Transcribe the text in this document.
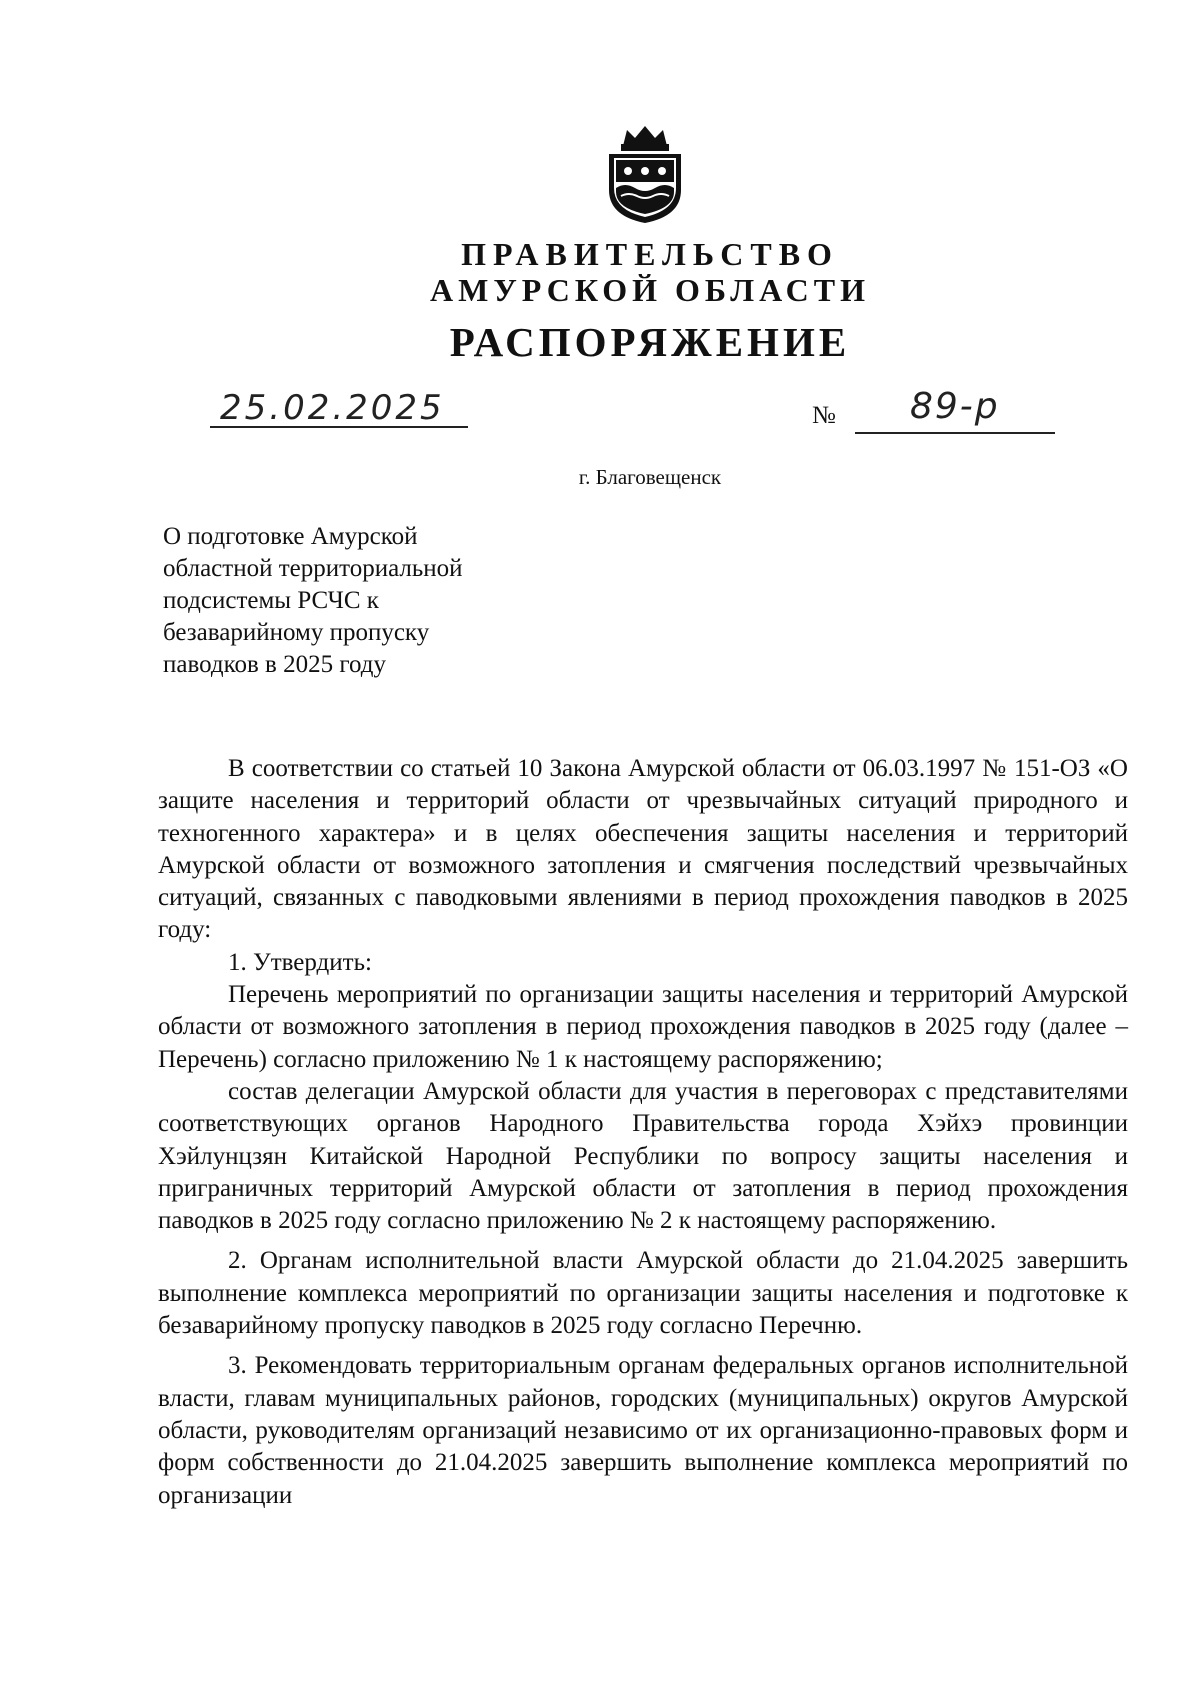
ПРАВИТЕЛЬСТВО
АМУРСКОЙ ОБЛАСТИ
РАСПОРЯЖЕНИЕ
25.02.2025	№ 89-р
г. Благовещенск
О подготовке Амурской
областной территориальной
подсистемы РСЧС к
безаварийному пропуску
паводков в 2025 году

В соответствии со статьей 10 Закона Амурской области от 06.03.1997 № 151-ОЗ «О защите населения и территорий области от чрезвычайных ситуаций природного и техногенного характера» и в целях обеспечения защиты населения и территорий Амурской области от возможного затопления и смягчения последствий чрезвычайных ситуаций, связанных с паводковыми явлениями в период прохождения паводков в 2025 году:

1. Утвердить:

Перечень мероприятий по организации защиты населения и территорий Амурской области от возможного затопления в период прохождения паводков в 2025 году (далее – Перечень) согласно приложению № 1 к настоящему распоряжению;

состав делегации Амурской области для участия в переговорах с представителями соответствующих органов Народного Правительства города Хэйхэ провинции Хэйлунцзян Китайской Народной Республики по вопросу защиты населения и приграничных территорий Амурской области от затопления в период прохождения паводков в 2025 году согласно приложению № 2 к настоящему распоряжению.

2. Органам исполнительной власти Амурской области до 21.04.2025 завершить выполнение комплекса мероприятий по организации защиты населения и подготовке к безаварийному пропуску паводков в 2025 году согласно Перечню.

3. Рекомендовать территориальным органам федеральных органов исполнительной власти, главам муниципальных районов, городских (муниципальных) округов Амурской области, руководителям организаций независимо от их организационно-правовых форм и форм собственности до 21.04.2025 завершить выполнение комплекса мероприятий по организации
